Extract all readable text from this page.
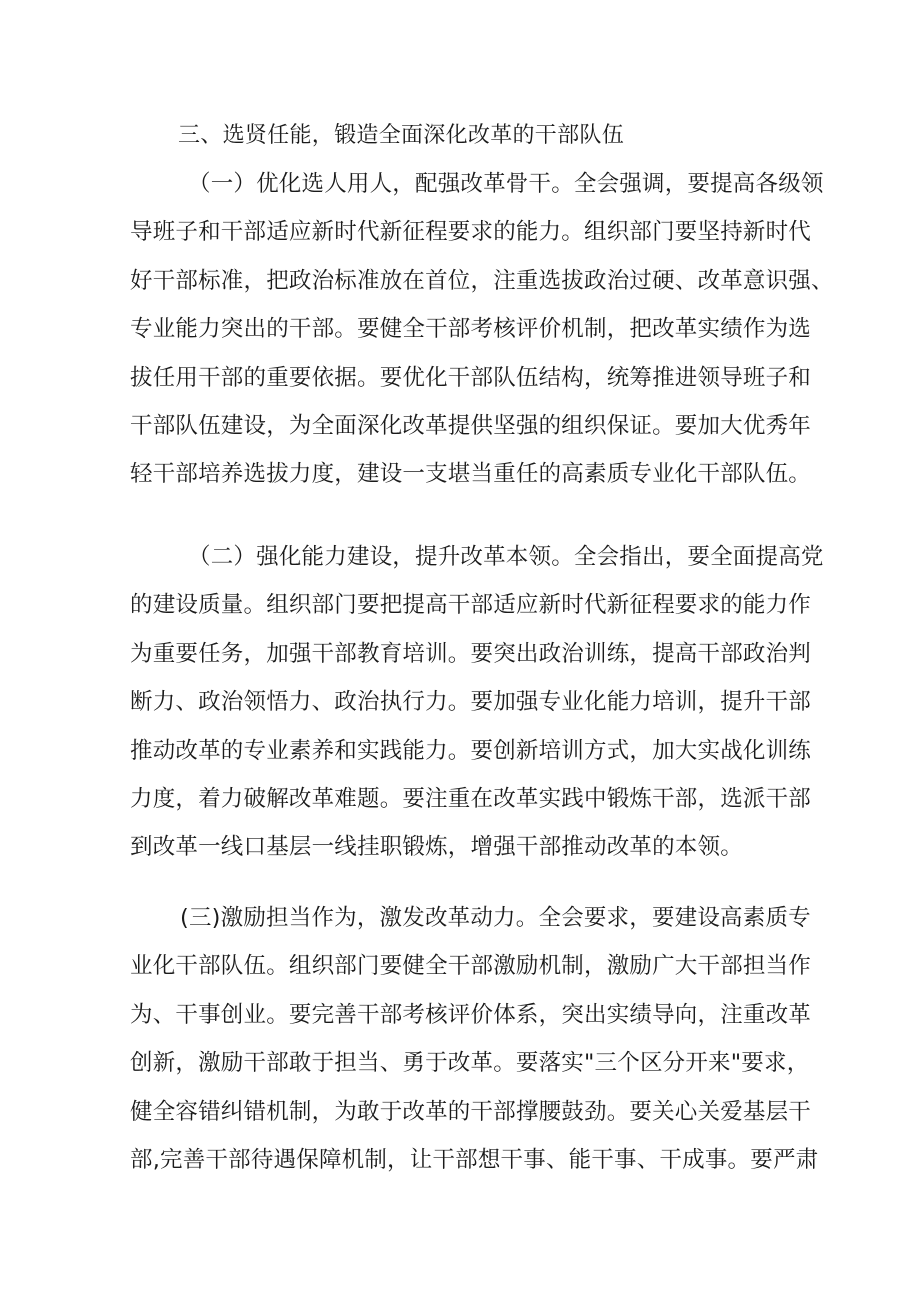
三、选贤任能，锻造全面深化改革的干部队伍
（一）优化选人用人，配强改革骨干。全会强调，要提高各级领
导班子和干部适应新时代新征程要求的能力。组织部门要坚持新时代
好干部标准，把政治标准放在首位，注重选拔政治过硬、改革意识强、
专业能力突出的干部。要健全干部考核评价机制，把改革实绩作为选
拔任用干部的重要依据。要优化干部队伍结构，统筹推进领导班子和
干部队伍建设，为全面深化改革提供坚强的组织保证。要加大优秀年
轻干部培养选拔力度，建设一支堪当重任的高素质专业化干部队伍。
（二）强化能力建设，提升改革本领。全会指出，要全面提高党
的建设质量。组织部门要把提高干部适应新时代新征程要求的能力作
为重要任务，加强干部教育培训。要突出政治训练，提高干部政治判
断力、政治领悟力、政治执行力。要加强专业化能力培训，提升干部
推动改革的专业素养和实践能力。要创新培训方式，加大实战化训练
力度，着力破解改革难题。要注重在改革实践中锻炼干部，选派干部
到改革一线口基层一线挂职锻炼，增强干部推动改革的本领。
(三)激励担当作为，激发改革动力。全会要求，要建设高素质专
业化干部队伍。组织部门要健全干部激励机制，激励广大干部担当作
为、干事创业。要完善干部考核评价体系，突出实绩导向，注重改革
创新，激励干部敢于担当、勇于改革。要落实"三个区分开来"要求，
健全容错纠错机制，为敢于改革的干部撑腰鼓劲。要关心关爱基层干
部,完善干部待遇保障机制，让干部想干事、能干事、干成事。要严肃
